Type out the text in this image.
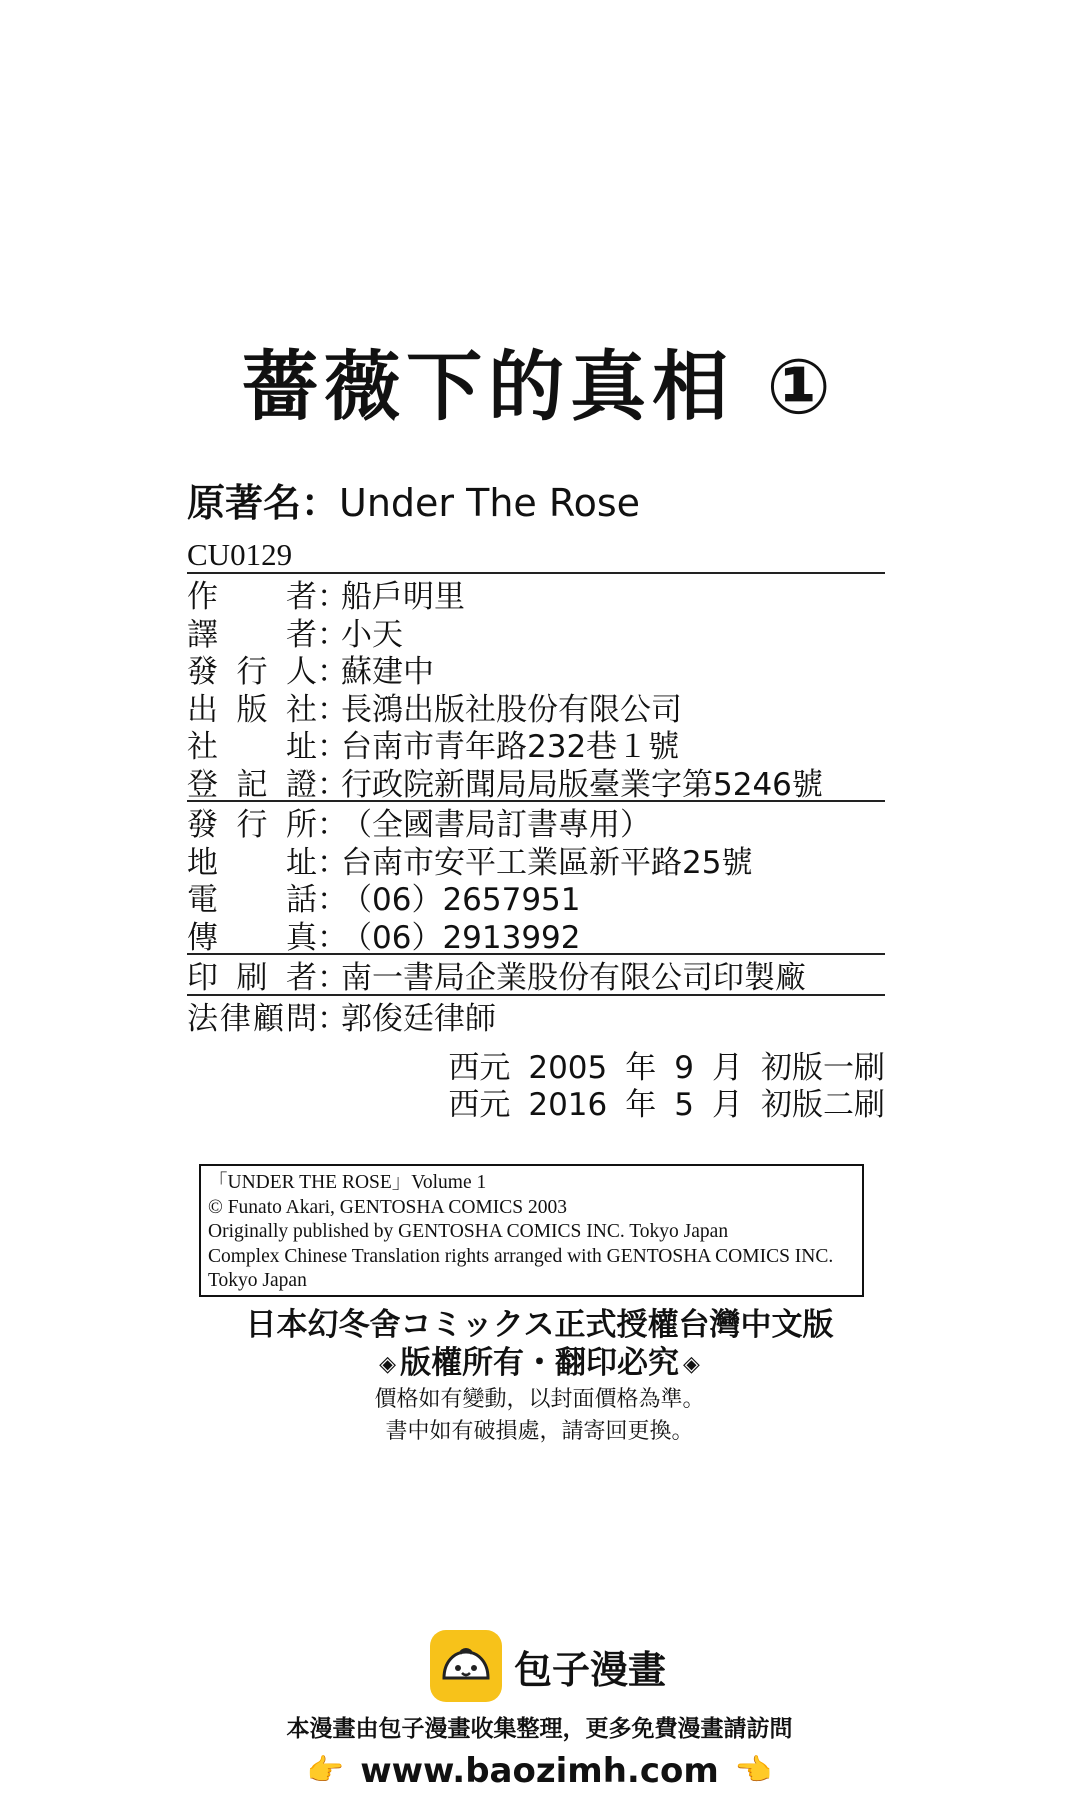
薔薇下的真相 ①
原著名：Under The Rose
CU0129
作 者 ：
船戶明里
譯 者 ：
小天
發 行 人 ：
蘇建中
出 版 社 ：
長鴻出版社股份有限公司
社 址 ：
台南市青年路232巷１號
登 記 證 ：
行政院新聞局局版臺業字第5246號
發 行 所 ：
（全國書局訂書專用）
地 址 ：
台南市安平工業區新平路25號
電 話 ：
（06）2657951
傳 真 ：
（06）2913992
印 刷 者 ：
南一書局企業股份有限公司印製廠
法 律 顧 問 ：
郭俊廷律師
西元 2005 年 9 月 初版一刷
西元 2016 年 5 月 初版二刷
「UNDER THE ROSE」Volume 1
© Funato Akari, GENTOSHA COMICS 2003
Originally published by GENTOSHA COMICS INC. Tokyo Japan
Complex Chinese Translation rights arranged with GENTOSHA COMICS INC.
Tokyo Japan
日本幻冬舍コミックス正式授權台灣中文版
◈ 版權所有・翻印必究 ◈
價格如有變動，以封面價格為準。
書中如有破損處，請寄回更換。
包子漫畫
本漫畫由包子漫畫收集整理，更多免費漫畫請訪問
👉 www.baozimh.com 👈
